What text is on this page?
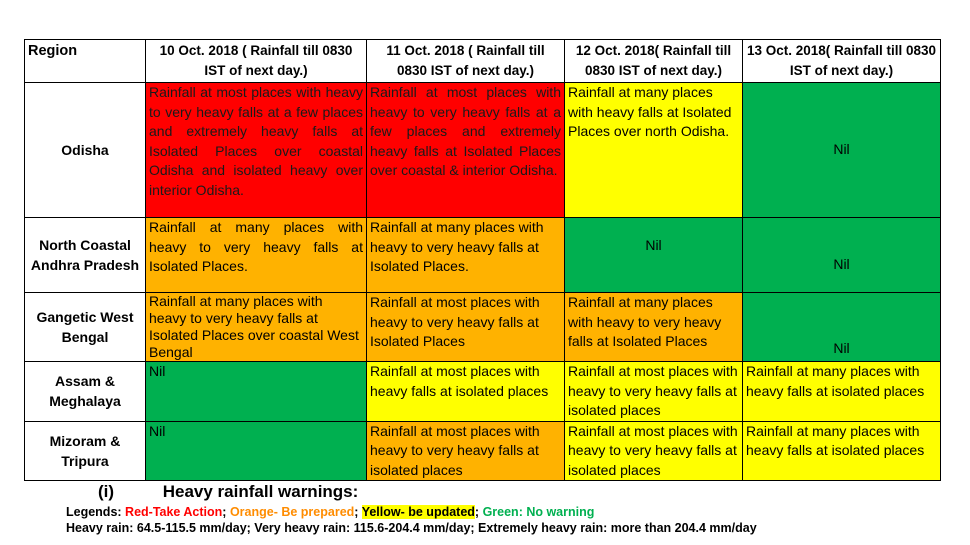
Region	10 Oct. 2018 ( Rainfall till 0830 IST of next day.)	11 Oct. 2018 ( Rainfall till 0830 IST of next day.)	12 Oct. 2018( Rainfall till 0830 IST of next day.)	13 Oct. 2018( Rainfall till 0830 IST of next day.)
Odisha	Rainfall at most places with heavy to very heavy falls at a few places and extremely heavy falls at Isolated Places over coastal Odisha and isolated heavy over interior Odisha.	Rainfall at most places with heavy to very heavy falls at a few places and extremely heavy falls at Isolated Places over coastal & interior Odisha.	Rainfall at many places with heavy falls at Isolated Places over north Odisha.	Nil
North Coastal Andhra Pradesh	Rainfall at many places with heavy to very heavy falls at Isolated Places.	Rainfall at many places with heavy to very heavy falls at Isolated Places.	Nil	Nil
Gangetic West Bengal	Rainfall at many places with heavy to very heavy falls at Isolated Places over coastal West Bengal	Rainfall at most places with heavy to very heavy falls at Isolated Places	Rainfall at many places with heavy to very heavy falls at Isolated Places	Nil
Assam & Meghalaya	Nil	Rainfall at most places with heavy falls at isolated places	Rainfall at most places with heavy to very heavy falls at isolated places	Rainfall at many places with heavy falls at isolated places
Mizoram & Tripura	Nil	Rainfall at most places with heavy to very heavy falls at isolated places	Rainfall at most places with heavy to very heavy falls at isolated places	Rainfall at many places with heavy falls at isolated places
(i)	Heavy rainfall warnings:
Legends: Red-Take Action; Orange- Be prepared; Yellow- be updated; Green: No warning
Heavy rain: 64.5-115.5 mm/day; Very heavy rain: 115.6-204.4 mm/day; Extremely heavy rain: more than 204.4 mm/day
